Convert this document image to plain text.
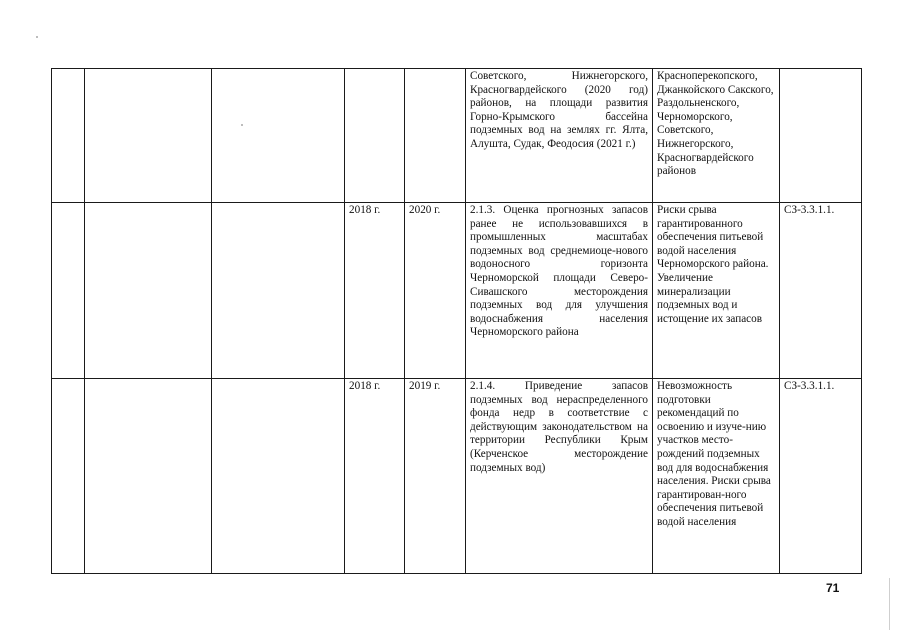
					Советского, Нижнегорского, Красногвардейского (2020 год) районов, на площади развития Горно-Крымского бассейна подземных вод на землях гг. Ялта, Алушта, Судак, Феодосия (2021 г.)	Красноперекопского, Джанкойского Сакского, Раздольненского, Черноморского, Советского, Нижнегорского, Красногвардейского районов	
			2018 г.	2020 г.	2.1.3. Оценка прогнозных запасов ранее не использовавшихся в промышленных масштабах подземных вод среднемиоце-нового водоносного горизонта Черноморской площади Северо-Сивашского месторождения подземных вод для улучшения водоснабжения населения Черноморского района	Риски срыва гарантированного обеспечения питьевой водой населения Черноморского района. Увеличение минерализации подземных вод и истощение их запасов	СЗ-3.3.1.1.
			2018 г.	2019 г.	2.1.4. Приведение запасов подземных вод нераспределенного фонда недр в соответствие с действующим законодательством на территории Республики Крым (Керченское месторождение подземных вод)	Невозможность подготовки рекомендаций по освоению и изуче-нию участков место-рождений подземных вод для водоснабжения населения. Риски срыва гарантирован-ного обеспечения питьевой водой населения	СЗ-3.3.1.1.
71
